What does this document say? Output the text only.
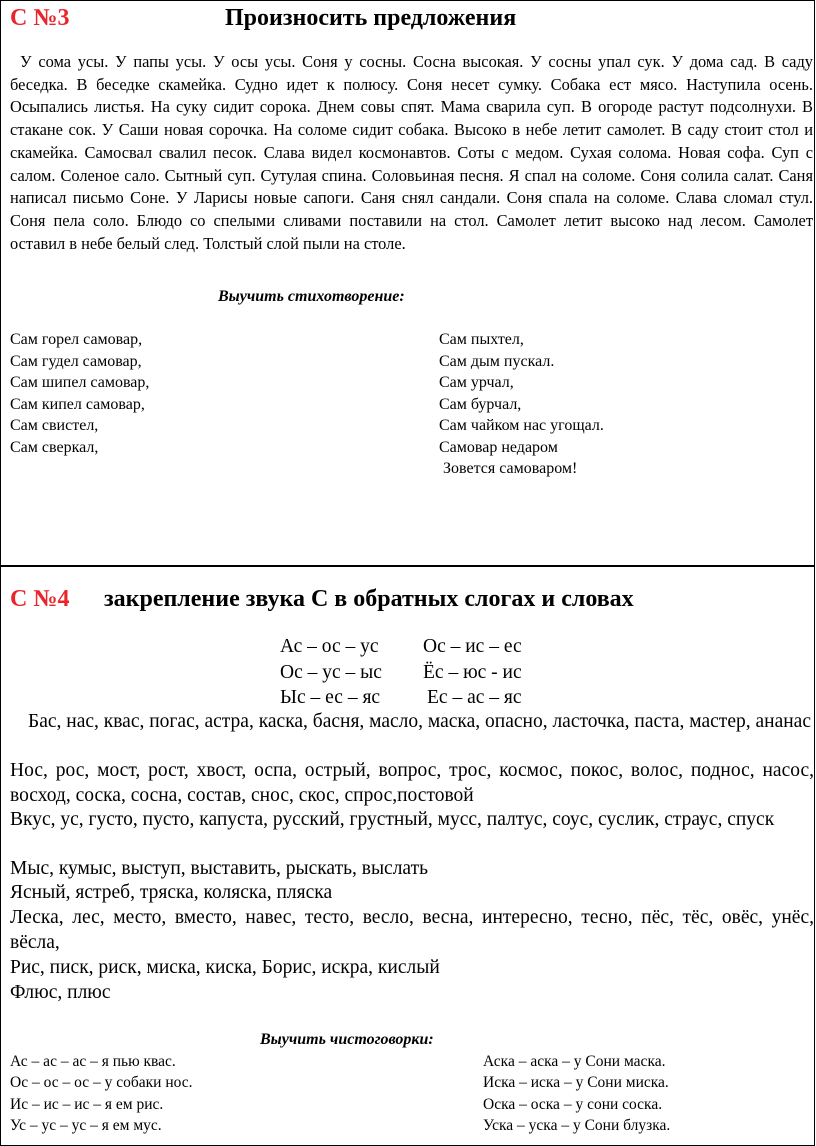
С №3	Произносить предложения
У сома усы. У папы усы. У осы усы. Соня у сосны. Сосна высокая. У сосны упал сук. У дома сад. В саду беседка. В беседке скамейка. Судно идет к полюсу. Соня несет сумку. Собака ест мясо. Наступила осень. Осыпались листья. На суку сидит сорока. Днем совы спят. Мама сварила суп. В огороде растут подсолнухи. В стакане сок. У Саши новая сорочка. На соломе сидит собака. Высоко в небе летит самолет. В саду стоит стол и скамейка. Самосвал свалил песок. Слава видел космонавтов. Соты с медом. Сухая солома. Новая софа. Суп с салом. Соленое сало. Сытный суп. Сутулая спина. Соловьиная песня. Я спал на соломе. Соня солила салат. Саня написал письмо Соне. У Ларисы новые сапоги. Саня снял сандали. Соня спала на соломе. Слава сломал стул. Соня пела соло. Блюдо со спелыми сливами поставили на стол. Самолет летит высоко над лесом. Самолет оставил в небе белый след. Толстый слой пыли на столе.
Выучить стихотворение:
Сам горел самовар,
Сам гудел самовар,
Сам шипел самовар,
Сам кипел самовар,
Сам свистел,
Сам сверкал,
Сам пыхтел,
Сам дым пускал.
Сам урчал,
Сам бурчал,
Сам чайком нас угощал.
Самовар недаром
Зовется самоваром!
С №4 закрепление звука С в обратных слогах и словах
Ас – ос – ус
Ос – ус – ыс
Ыс – ес – яс
Ос – ис – ес
Ёс – юс - ис
Ес – ас – яс
Бас, нас, квас, погас, астра, каска, басня, масло, маска, опасно, ласточка, паста, мастер, ананас
Нос, рос, мост, рост, хвост, оспа, острый, вопрос, трос, космос, покос, волос, поднос, насос, восход, соска, сосна, состав, снос, скос, спрос,постовой
Вкус, ус, густо, пусто, капуста, русский, грустный, мусс, палтус, соус, суслик, страус, спуск
Мыс, кумыс, выступ, выставить, рыскать, выслать
Ясный, ястреб, тряска, коляска, пляска
Леска, лес, место, вместо, навес, тесто, весло, весна, интересно, тесно, пёс, тёс, овёс, унёс, вёсла,
Рис, писк, риск, миска, киска, Борис, искра, кислый
Флюс, плюс
Выучить чистоговорки:
Ас – ас – ас – я пью квас.
Ос – ос – ос – у собаки нос.
Ис – ис – ис – я ем рис.
Ус – ус – ус – я ем мус.
Аска – аска – у Сони маска.
Иска – иска – у Сони миска.
Оска – оска – у сони соска.
Уска – уска – у Сони блузка.
